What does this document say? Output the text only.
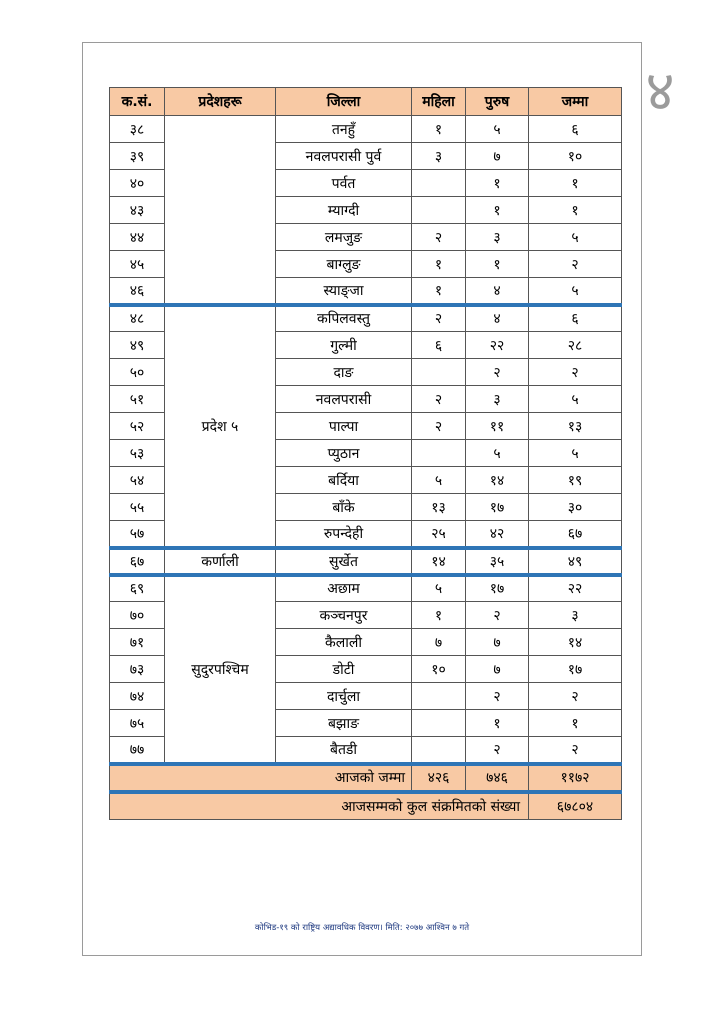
४
क.सं.	प्रदेशहरू	जिल्ला	महिला	पुरुष	जम्मा
३८		तनहुँ	१	५	६
३९		नवलपरासी पुर्व	३	७	१०
४०		पर्वत		१	१
४३		म्याग्दी		१	१
४४		लमजुङ	२	३	५
४५		बाग्लुङ	१	१	२
४६		स्याङ्जा	१	४	५
४८	प्रदेश ५	कपिलवस्तु	२	४	६
४९		गुल्मी	६	२२	२८
५०		दाङ		२	२
५१		नवलपरासी	२	३	५
५२		पाल्पा	२	११	१३
५३		प्युठान		५	५
५४		बर्दिया	५	१४	१९
५५		बाँके	१३	१७	३०
५७		रुपन्देही	२५	४२	६७
६७	कर्णाली	सुर्खेत	१४	३५	४९
६९	सुदुरपश्चिम	अछाम	५	१७	२२
७०		कञ्चनपुर	१	२	३
७१		कैलाली	७	७	१४
७३		डोटी	१०	७	१७
७४		दार्चुला		२	२
७५		बझाङ		१	१
७७		बैतडी		२	२
आजको जम्मा			४२६	७४६	११७२
आजसम्मको कुल संक्रमितको संख्या					६७८०४
कोभिड-१९ को राष्ट्रिय अद्यावधिक विवरण। मिति: २०७७ आश्विन ७ गते
